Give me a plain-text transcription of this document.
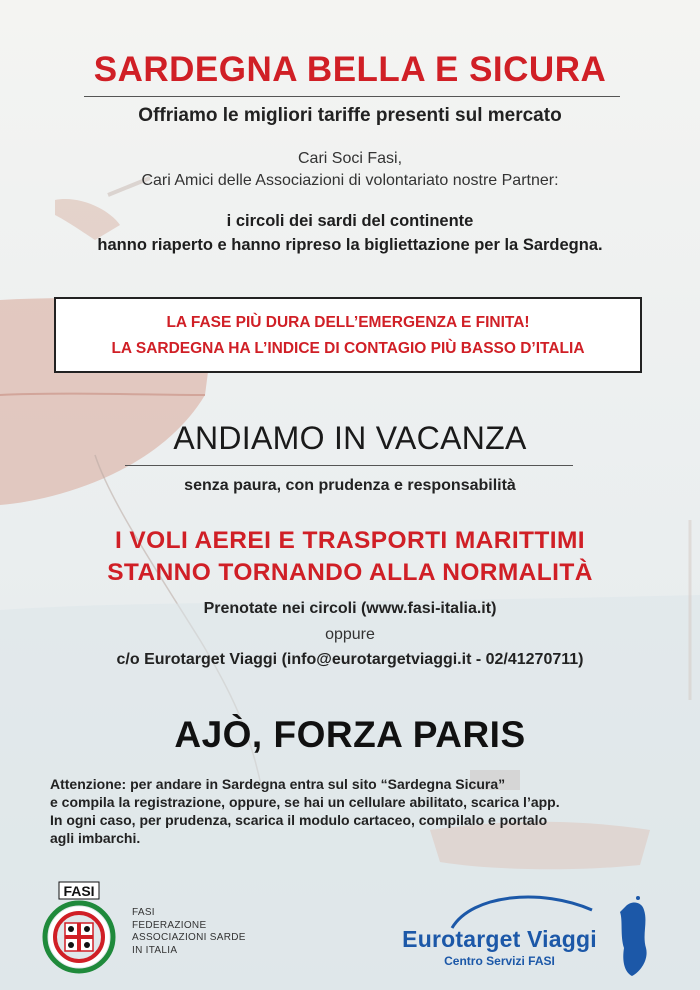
SARDEGNA BELLA E SICURA
Offriamo le migliori tariffe presenti sul mercato
Cari Soci Fasi,
Cari Amici delle Associazioni di volontariato nostre Partner:
i circoli dei sardi del continente
hanno riaperto e hanno ripreso la bigliettazione per la Sardegna.
LA FASE PIÙ DURA DELL’EMERGENZA E FINITA!
LA SARDEGNA HA L’INDICE DI CONTAGIO PIÙ BASSO D’ITALIA
ANDIAMO IN VACANZA
senza paura, con prudenza e responsabilità
I VOLI AEREI E TRASPORTI MARITTIMI
STANNO TORNANDO ALLA NORMALITÀ
Prenotate nei circoli (www.fasi-italia.it)
oppure
c/o Eurotarget Viaggi (info@eurotargetviaggi.it - 02/41270711)
AJÒ, FORZA PARIS
Attenzione: per andare in Sardegna entra sul sito “Sardegna Sicura”
e compila la registrazione, oppure, se hai un cellulare abilitato, scarica l’app.
In ogni caso, per prudenza, scarica il modulo cartaceo, compilalo e portalo
agli imbarchi.
FASI
FASI
FEDERAZIONE
ASSOCIAZIONI SARDE
IN ITALIA	Eurotarget Viaggi
Centro Servizi FASI
